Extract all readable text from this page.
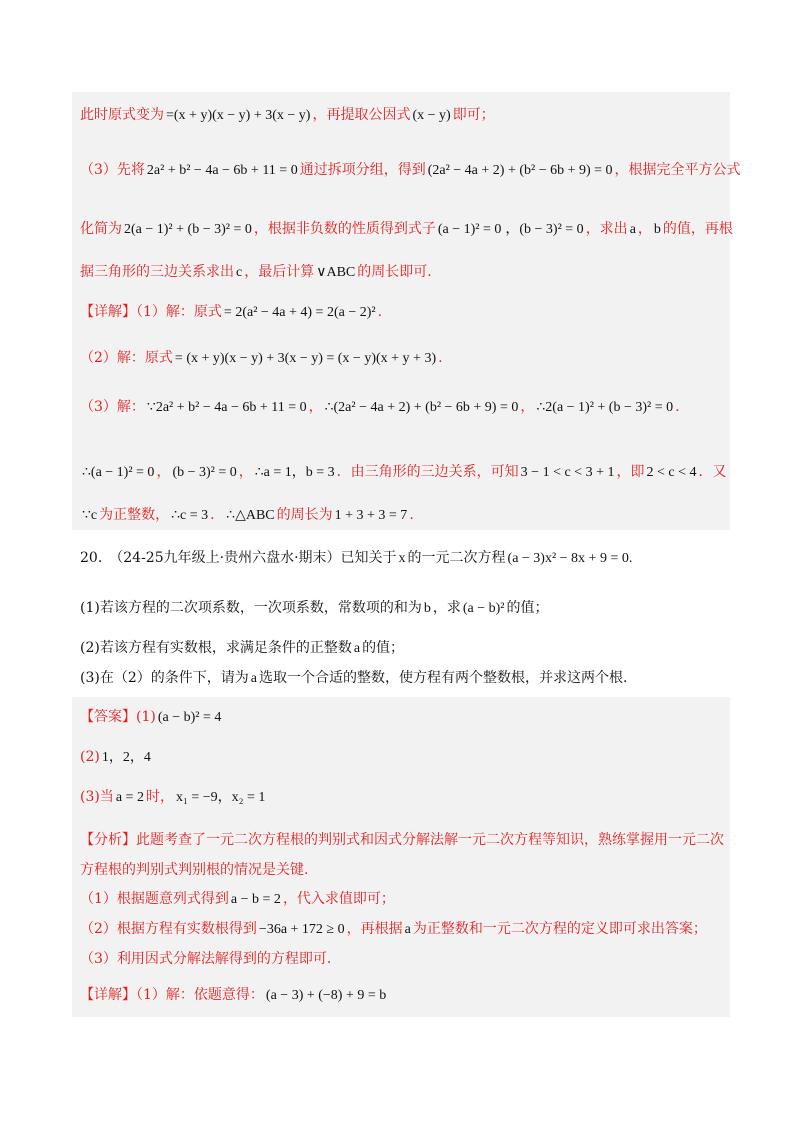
此时原式变为 =(x + y)(x − y) + 3(x − y) ，再提取公因式 (x − y) 即可；
（3）先将 2a² + b² − 4a − 6b + 11 = 0 通过拆项分组，得到 (2a² − 4a + 2) + (b² − 6b + 9) = 0 ，根据完全平方公式
化简为 2(a − 1)² + (b − 3)² = 0 ，根据非负数的性质得到式子 (a − 1)² = 0 ，(b − 3)² = 0 ，求出 a ， b 的值，再根
据三角形的三边关系求出 c ，最后计算 ∨ABC 的周长即可.
【详解】（1）解：原式 = 2(a² − 4a + 4) = 2(a − 2)² .
（2）解：原式 = (x + y)(x − y) + 3(x − y) = (x − y)(x + y + 3) .
（3）解： ∵2a² + b² − 4a − 6b + 11 = 0 ， ∴(2a² − 4a + 2) + (b² − 6b + 9) = 0 ， ∴2(a − 1)² + (b − 3)² = 0 .
∴(a − 1)² = 0 ， (b − 3)² = 0 ， ∴a = 1，b = 3 ．由三角形的三边关系，可知 3 − 1 < c < 3 + 1 ，即 2 < c < 4 ．又
∵c 为正整数， ∴c = 3 ． ∴△ABC 的周长为 1 + 3 + 3 = 7 .
20.　（24-25九年级上·贵州六盘水·期末）已知关于 x 的一元二次方程 (a − 3)x² − 8x + 9 = 0.
(1)若该方程的二次项系数，一次项系数，常数项的和为 b ，求 (a − b)² 的值；
(2)若该方程有实数根，求满足条件的正整数 a 的值；
(3)在（2）的条件下，请为 a 选取一个合适的整数，使方程有两个整数根，并求这两个根.
【答案】(1) (a − b)² = 4
(2) 1，2，4
(3)当 a = 2 时， x₁ = −9，x₂ = 1
【分析】此题考查了一元二次方程根的判别式和因式分解法解一元二次方程等知识，熟练掌握用一元二次
方程根的判别式判别根的情况是关键.
（1）根据题意列式得到 a − b = 2 ，代入求值即可；
（2）根据方程有实数根得到 −36a + 172 ≥ 0 ，再根据 a 为正整数和一元二次方程的定义即可求出答案；
（3）利用因式分解法解得到的方程即可.
【详解】（1）解：依题意得： (a − 3) + (−8) + 9 = b
